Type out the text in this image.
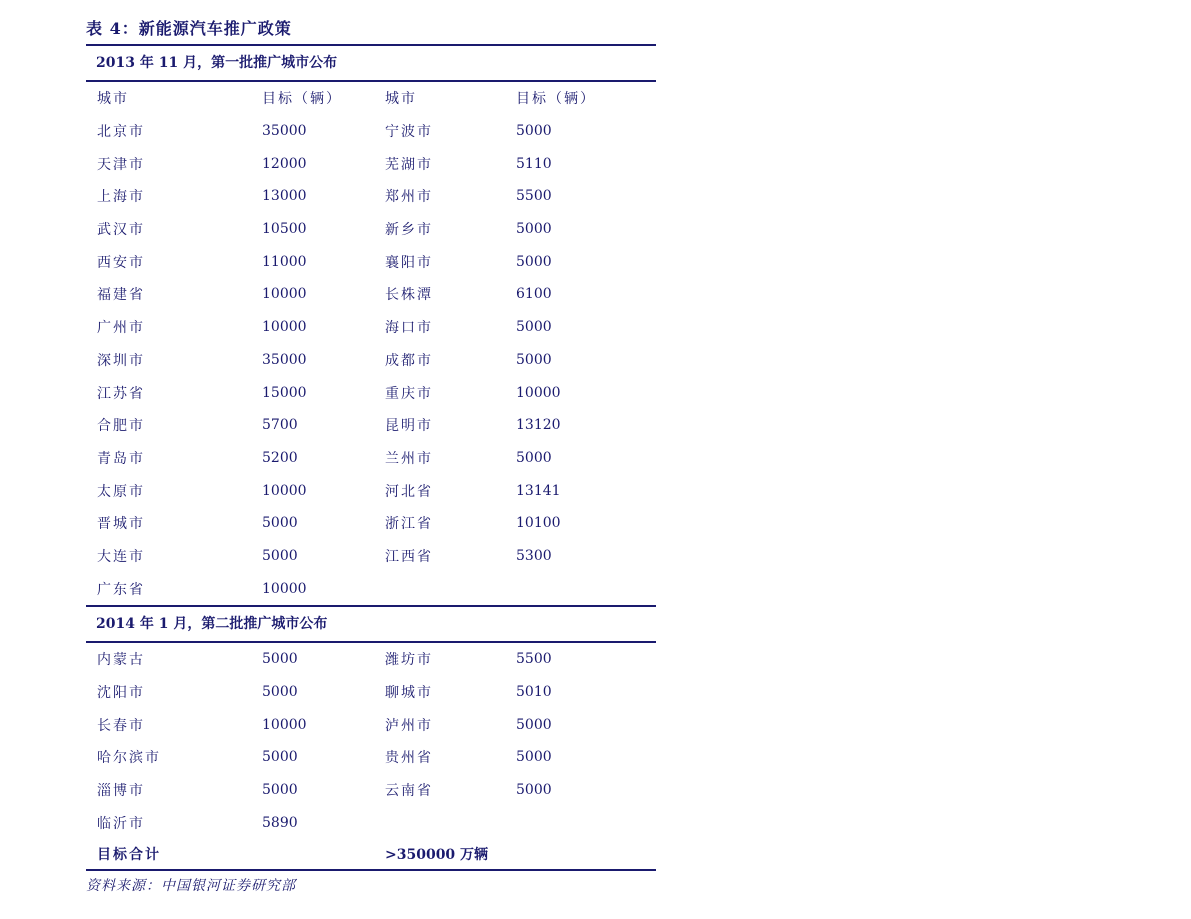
表 4：新能源汽车推广政策
2013 年 11 月，第一批推广城市公布
城市	目标（辆）	城市	目标（辆）
北京市	35000	宁波市	5000
天津市	12000	芜湖市	5110
上海市	13000	郑州市	5500
武汉市	10500	新乡市	5000
西安市	11000	襄阳市	5000
福建省	10000	长株潭	6100
广州市	10000	海口市	5000
深圳市	35000	成都市	5000
江苏省	15000	重庆市	10000
合肥市	5700	昆明市	13120
青岛市	5200	兰州市	5000
太原市	10000	河北省	13141
晋城市	5000	浙江省	10100
大连市	5000	江西省	5300
广东省	10000
2014 年 1 月，第二批推广城市公布
内蒙古	5000	潍坊市	5500
沈阳市	5000	聊城市	5010
长春市	10000	泸州市	5000
哈尔滨市	5000	贵州省	5000
淄博市	5000	云南省	5000
临沂市	5890
目标合计	>350000 万辆
资料来源：中国银河证券研究部
